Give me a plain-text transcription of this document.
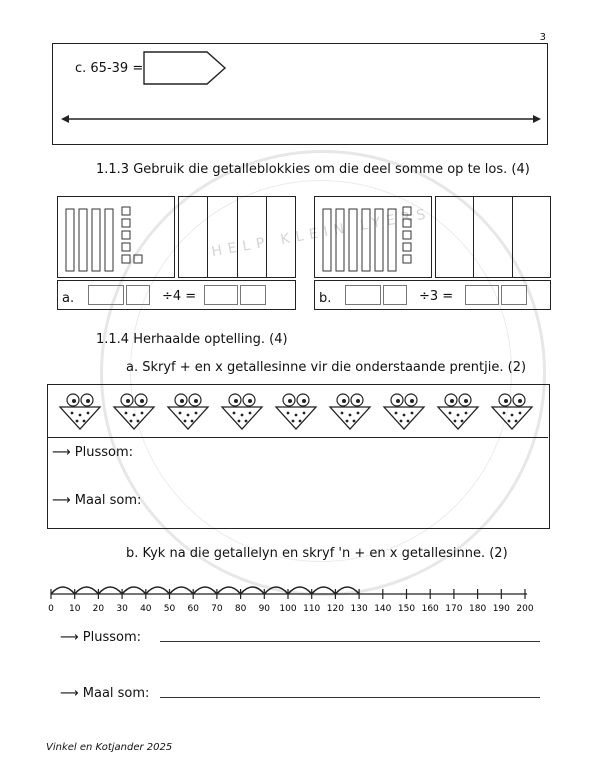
HELP KLEIN LYERS
3
c. 65-39 =
1.1.3 Gebruik die getalleblokkies om die deel somme op te los. (4)
a.	÷4 =	b.	÷3 =
1.1.4 Herhaalde optelling. (4)
a. Skryf + en x getallesinne vir die onderstaande prentjie. (2)
⟶ Plussom:
⟶ Maal som:
b. Kyk na die getallelyn en skryf 'n + en x getallesinne. (2)
0 10 20 30 40 50 60 70 80 90 100 110 120 130 140 150 160 170 180 190 200
⟶ Plussom:
⟶ Maal som:
Vinkel en Kotjander 2025
